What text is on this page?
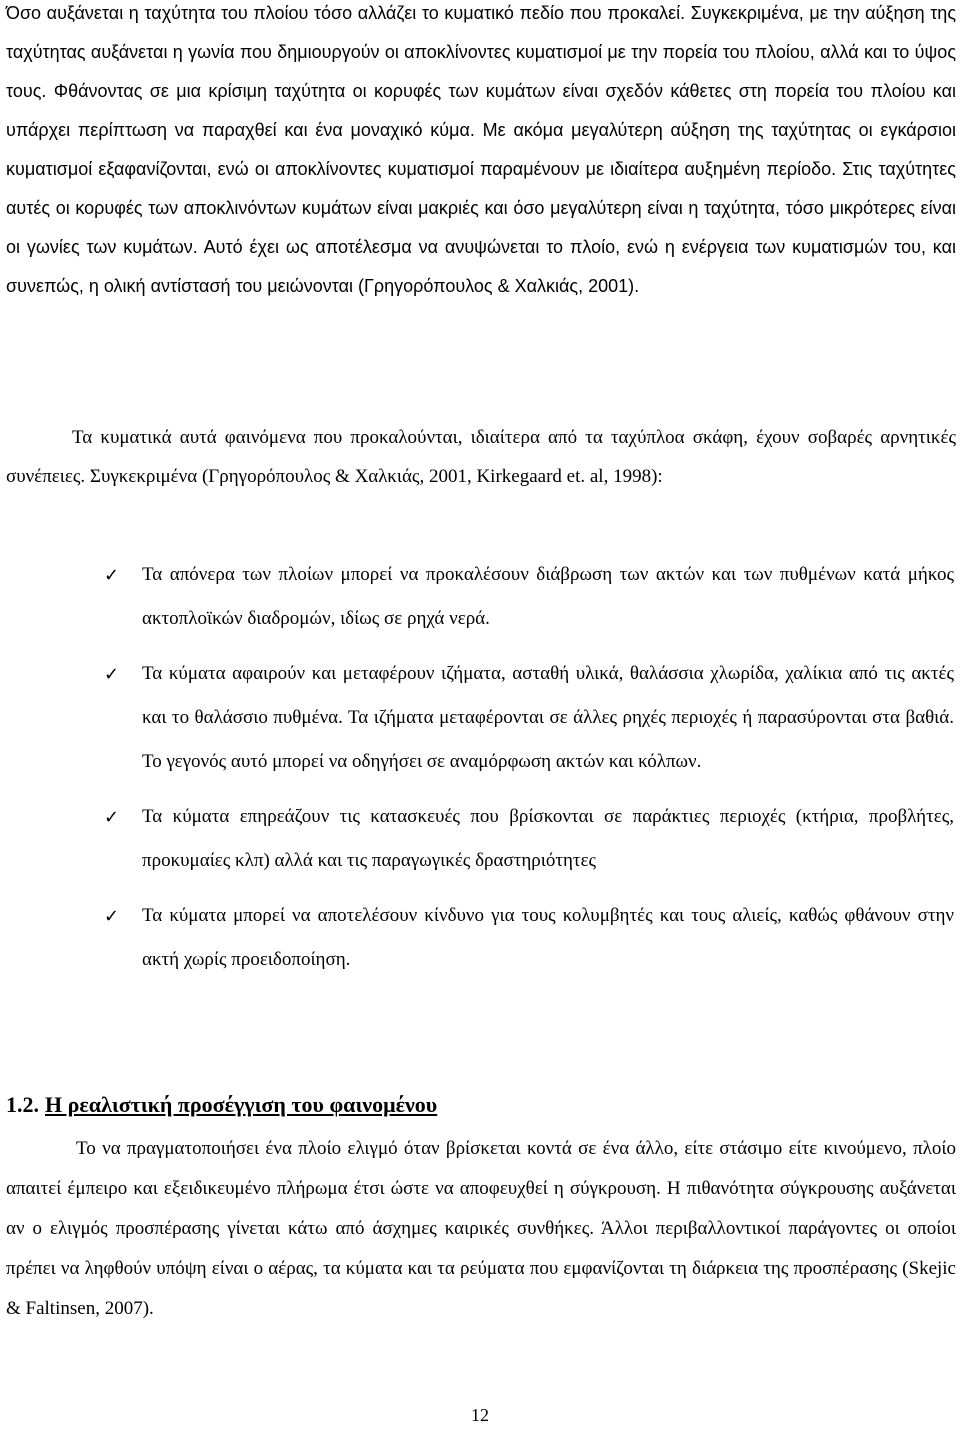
Όσο αυξάνεται η ταχύτητα του πλοίου τόσο αλλάζει το κυματικό πεδίο που προκαλεί. Συγκεκριμένα, με την αύξηση της ταχύτητας αυξάνεται η γωνία που δημιουργούν οι αποκλίνοντες κυματισμοί με την πορεία του πλοίου, αλλά και το ύψος τους. Φθάνοντας σε μια κρίσιμη ταχύτητα οι κορυφές των κυμάτων είναι σχεδόν κάθετες στη πορεία του πλοίου και υπάρχει περίπτωση να παραχθεί και ένα μοναχικό κύμα. Με ακόμα μεγαλύτερη αύξηση της ταχύτητας οι εγκάρσιοι κυματισμοί εξαφανίζονται, ενώ οι αποκλίνοντες κυματισμοί παραμένουν με ιδιαίτερα αυξημένη περίοδο. Στις ταχύτητες αυτές οι κορυφές των αποκλινόντων κυμάτων είναι μακριές και όσο μεγαλύτερη είναι η ταχύτητα, τόσο μικρότερες είναι οι γωνίες των κυμάτων. Αυτό έχει ως αποτέλεσμα να ανυψώνεται το πλοίο, ενώ η ενέργεια των κυματισμών του, και συνεπώς, η ολική αντίστασή του μειώνονται (Γρηγορόπουλος & Χαλκιάς, 2001).

Τα κυματικά αυτά φαινόμενα που προκαλούνται, ιδιαίτερα από τα ταχύπλοα σκάφη, έχουν σοβαρές αρνητικές συνέπειες. Συγκεκριμένα (Γρηγορόπουλος & Χαλκιάς, 2001, Kirkegaard et. al, 1998):

✓ Τα απόνερα των πλοίων μπορεί να προκαλέσουν διάβρωση των ακτών και των πυθμένων κατά μήκος ακτοπλοϊκών διαδρομών, ιδίως σε ρηχά νερά.
✓ Τα κύματα αφαιρούν και μεταφέρουν ιζήματα, ασταθή υλικά, θαλάσσια χλωρίδα, χαλίκια από τις ακτές και το θαλάσσιο πυθμένα. Τα ιζήματα μεταφέρονται σε άλλες ρηχές περιοχές ή παρασύρονται στα βαθιά. Το γεγονός αυτό μπορεί να οδηγήσει σε αναμόρφωση ακτών και κόλπων.
✓ Τα κύματα επηρεάζουν τις κατασκευές που βρίσκονται σε παράκτιες περιοχές (κτήρια, προβλήτες, προκυμαίες κλπ) αλλά και τις παραγωγικές δραστηριότητες
✓ Τα κύματα μπορεί να αποτελέσουν κίνδυνο για τους κολυμβητές και τους αλιείς, καθώς φθάνουν στην ακτή χωρίς προειδοποίηση.
1.2. Η ρεαλιστική προσέγγιση του φαινομένου

Το να πραγματοποιήσει ένα πλοίο ελιγμό όταν βρίσκεται κοντά σε ένα άλλο, είτε στάσιμο είτε κινούμενο, πλοίο απαιτεί έμπειρο και εξειδικευμένο πλήρωμα έτσι ώστε να αποφευχθεί η σύγκρουση. Η πιθανότητα σύγκρουσης αυξάνεται αν ο ελιγμός προσπέρασης γίνεται κάτω από άσχημες καιρικές συνθήκες. Άλλοι περιβαλλοντικοί παράγοντες οι οποίοι πρέπει να ληφθούν υπόψη είναι ο αέρας, τα κύματα και τα ρεύματα που εμφανίζονται τη διάρκεια της προσπέρασης (Skejic & Faltinsen, 2007).

12
